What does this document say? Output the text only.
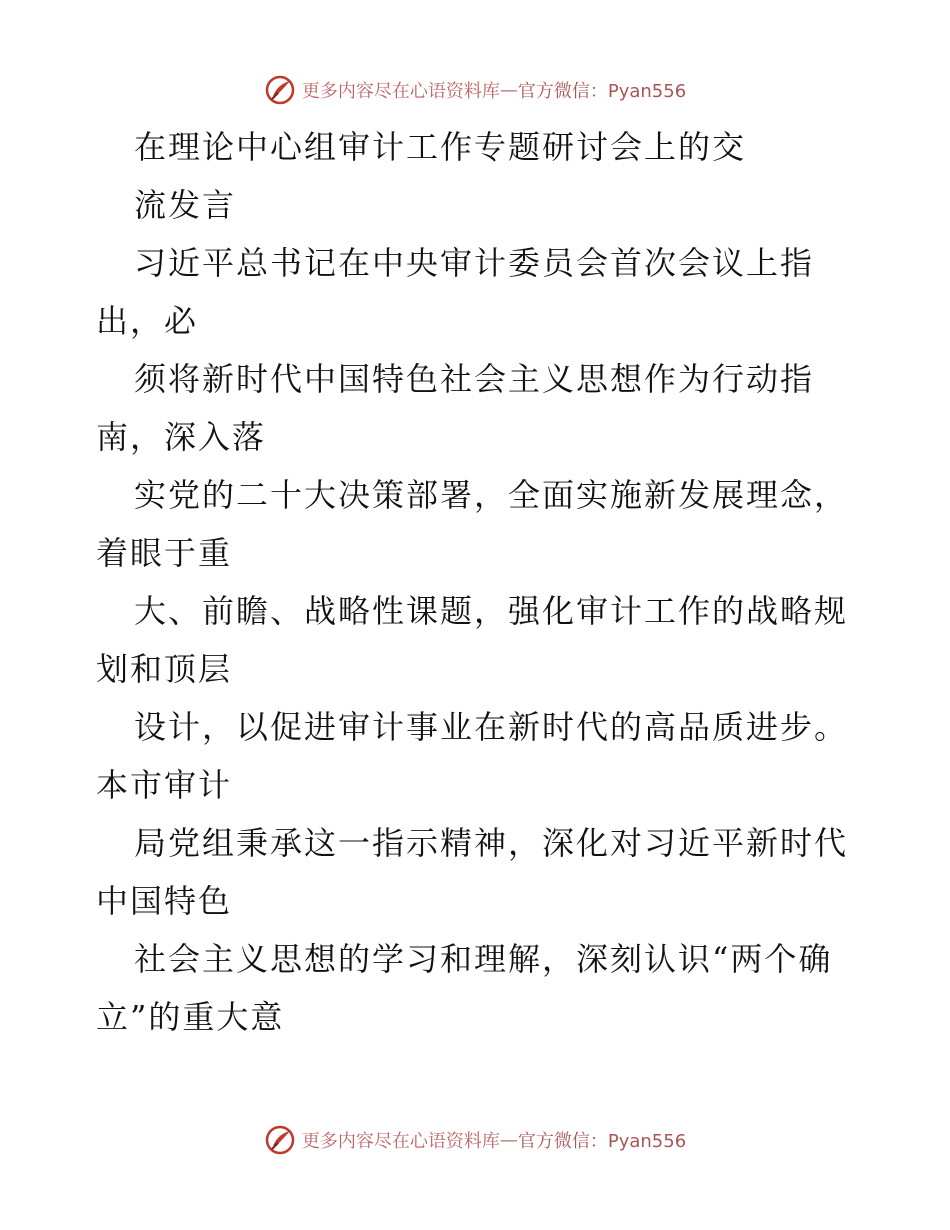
更多内容尽在心语资料库 — 官方微信：Pyan556
在理论中心组审计工作专题研讨会上的交
流发言
习近平总书记在中央审计委员会首次会议上指
出，必
须将新时代中国特色社会主义思想作为行动指
南，深入落
实党的二十大决策部署，全面实施新发展理念，
着眼于重
大、前瞻、战略性课题，强化审计工作的战略规
划和顶层
设计，以促进审计事业在新时代的高品质进步。
本市审计
局党组秉承这一指示精神，深化对习近平新时代
中国特色
社会主义思想的学习和理解，深刻认识“两个确
立”的重大意
更多内容尽在心语资料库 — 官方微信：Pyan556
